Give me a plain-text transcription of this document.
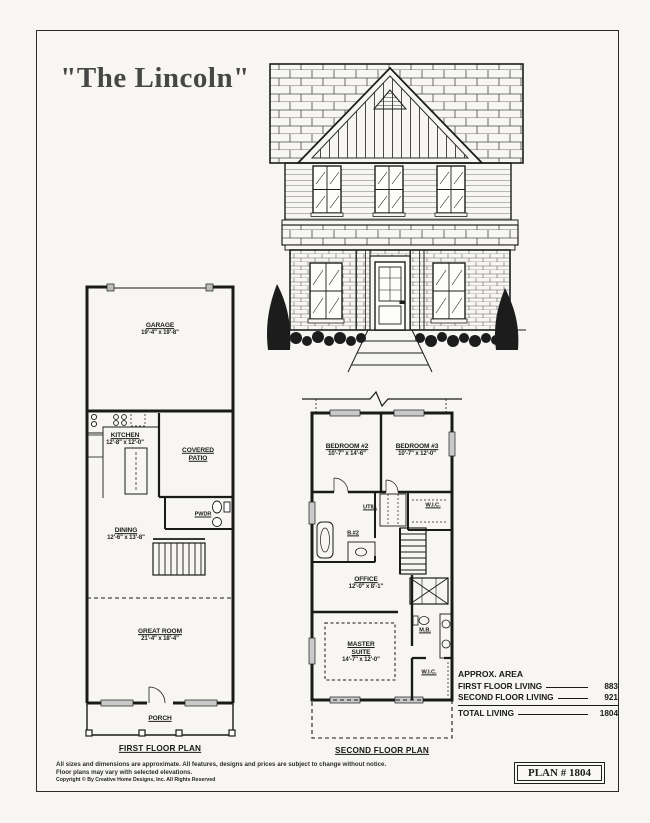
"The Lincoln"
GARAGE
19'-4" x 19'-8"
KITCHEN
12'-8" x 12'-0"
COVERED
PATIO
PWDR
DINING
12'-6" x 13'-8"
GREAT ROOM
21'-4" x 18'-4"
PORCH
FIRST FLOOR PLAN
BEDROOM #2
10'-7" x 14'-6"
BEDROOM #3
10'-7" x 12'-0"
W.I.C.
UTIL.
B.#2
OFFICE
12'-0" x 8'-1"
MASTER
SUITE
14'-7" x 12'-0"
M.B.
W.I.C.
SECOND FLOOR PLAN
APPROX. AREA
FIRST FLOOR LIVING	883
SECOND FLOOR LIVING	921
TOTAL LIVING	1804
All sizes and dimensions are approximate. All features, designs and prices are subject to change without notice.
Floor plans may vary with selected elevations.
Copyright © By Creative Home Designs, Inc. All Rights Reserved
PLAN # 1804
